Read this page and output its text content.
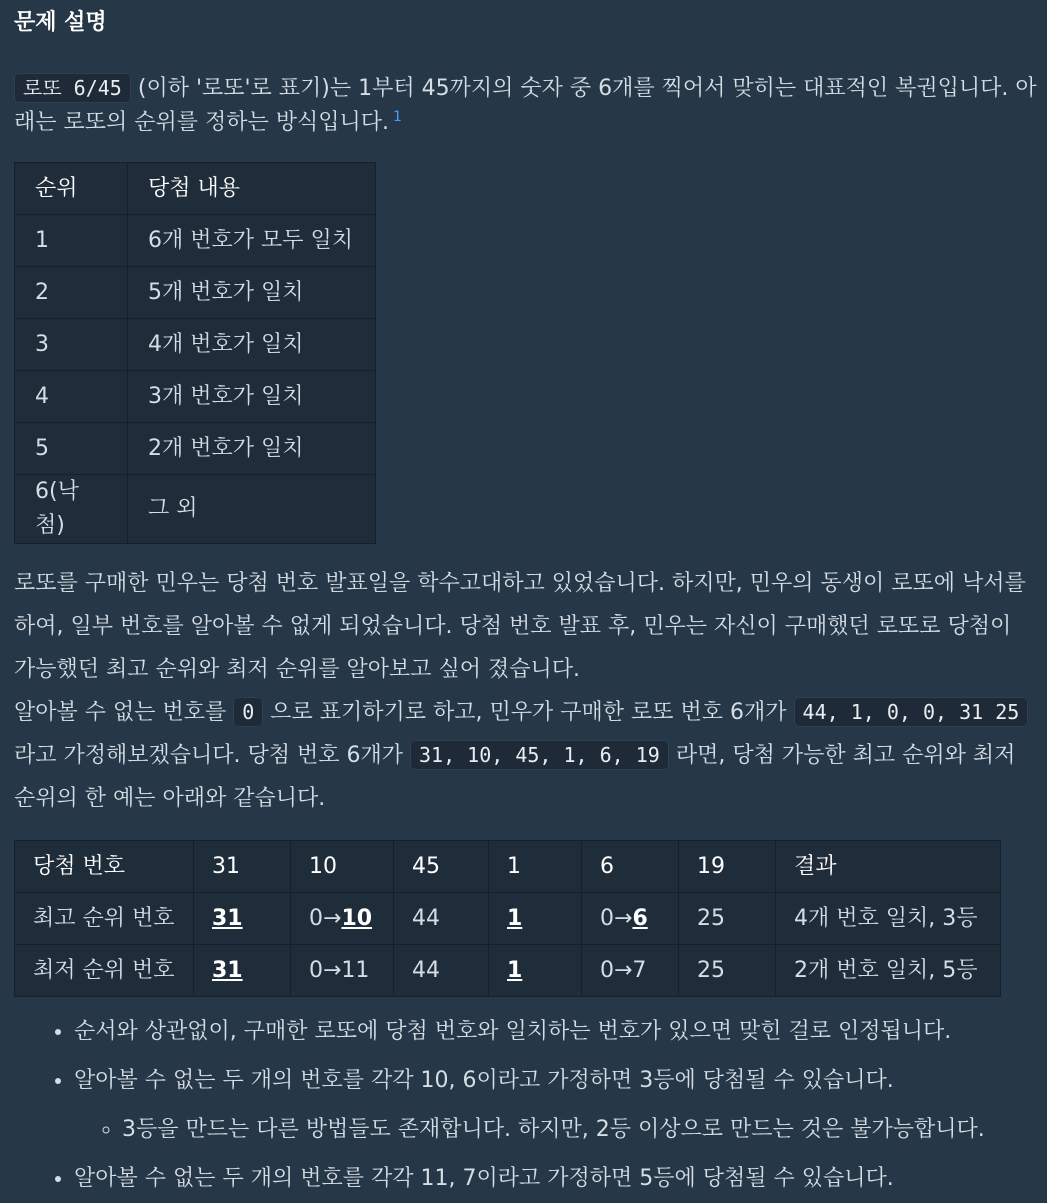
문제 설명

로또 6/45 (이하 '로또'로 표기)는 1부터 45까지의 숫자 중 6개를 찍어서 맞히는 대표적인 복권입니다. 아래는 로또의 순위를 정하는 방식입니다. $^1$

순위	당첨 내용
1	6개 번호가 모두 일치
2	5개 번호가 일치
3	4개 번호가 일치
4	3개 번호가 일치
5	2개 번호가 일치
6(낙첨)	그 외

로또를 구매한 민우는 당첨 번호 발표일을 학수고대하고 있었습니다. 하지만, 민우의 동생이 로또에 낙서를 하여, 일부 번호를 알아볼 수 없게 되었습니다. 당첨 번호 발표 후, 민우는 자신이 구매했던 로또로 당첨이 가능했던 최고 순위와 최저 순위를 알아보고 싶어 졌습니다.

알아볼 수 없는 번호를 0 으로 표기하기로 하고, 민우가 구매한 로또 번호 6개가 44, 1, 0, 0, 31 25 라고 가정해보겠습니다. 당첨 번호 6개가 31, 10, 45, 1, 6, 19 라면, 당첨 가능한 최고 순위와 최저 순위의 한 예는 아래와 같습니다.

당첨 번호	31	10	45	1	6	19	결과
최고 순위 번호	31	0→10	44	1	0→6	25	4개 번호 일치, 3등
최저 순위 번호	31	0→11	44	1	0→7	25	2개 번호 일치, 5등
• 순서와 상관없이, 구매한 로또에 당첨 번호와 일치하는 번호가 있으면 맞힌 걸로 인정됩니다.
• 알아볼 수 없는 두 개의 번호를 각각 10, 6이라고 가정하면 3등에 당첨될 수 있습니다.
◦ 3등을 만드는 다른 방법들도 존재합니다. 하지만, 2등 이상으로 만드는 것은 불가능합니다.
• 알아볼 수 없는 두 개의 번호를 각각 11, 7이라고 가정하면 5등에 당첨될 수 있습니다.
